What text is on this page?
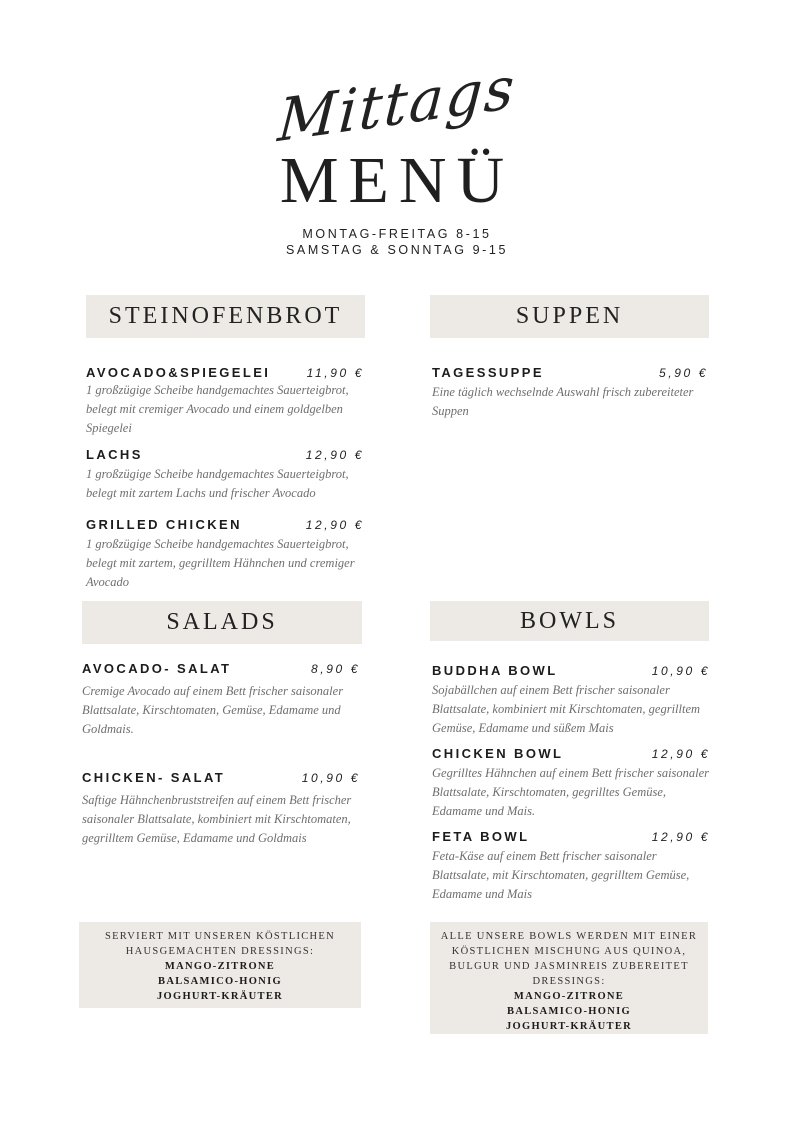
Mittags
MENÜ
MONTAG-FREITAG 8-15
SAMSTAG & SONNTAG 9-15
STEINOFENBROT
AVOCADO&SPIEGELEI	11,90 €
1 großzügige Scheibe handgemachtes Sauerteigbrot, belegt mit cremiger Avocado und einem goldgelben Spiegelei
LACHS	12,90 €
1 großzügige Scheibe handgemachtes Sauerteigbrot, belegt mit zartem Lachs und frischer Avocado
GRILLED CHICKEN	12,90 €
1 großzügige Scheibe handgemachtes Sauerteigbrot, belegt mit zartem, gegrilltem Hähnchen und cremiger Avocado
SUPPEN
TAGESSUPPE	5,90 €
Eine täglich wechselnde Auswahl frisch zubereiteter Suppen
SALADS
AVOCADO- SALAT	8,90 €
Cremige Avocado auf einem Bett frischer saisonaler Blattsalate, Kirschtomaten, Gemüse, Edamame und Goldmais.
CHICKEN- SALAT	10,90 €
Saftige Hähnchenbruststreifen auf einem Bett frischer saisonaler Blattsalate, kombiniert mit Kirschtomaten, gegrilltem Gemüse, Edamame und Goldmais
SERVIERT MIT UNSEREN KÖSTLICHEN HAUSGEMACHTEN DRESSINGS:
MANGO-ZITRONE
BALSAMICO-HONIG
JOGHURT-KRÄUTER
BOWLS
BUDDHA BOWL	10,90 €
Sojabällchen auf einem Bett frischer saisonaler Blattsalate, kombiniert mit Kirschtomaten, gegrilltem Gemüse, Edamame und süßem Mais
CHICKEN BOWL	12,90 €
Gegrilltes Hähnchen auf einem Bett frischer saisonaler Blattsalate, Kirschtomaten, gegrilltes Gemüse, Edamame und Mais.
FETA BOWL	12,90 €
Feta-Käse auf einem Bett frischer saisonaler Blattsalate, mit Kirschtomaten, gegrilltem Gemüse, Edamame und Mais
ALLE UNSERE BOWLS WERDEN MIT EINER KÖSTLICHEN MISCHUNG AUS QUINOA, BULGUR UND JASMINREIS ZUBEREITET DRESSINGS:
MANGO-ZITRONE
BALSAMICO-HONIG
JOGHURT-KRÄUTER
